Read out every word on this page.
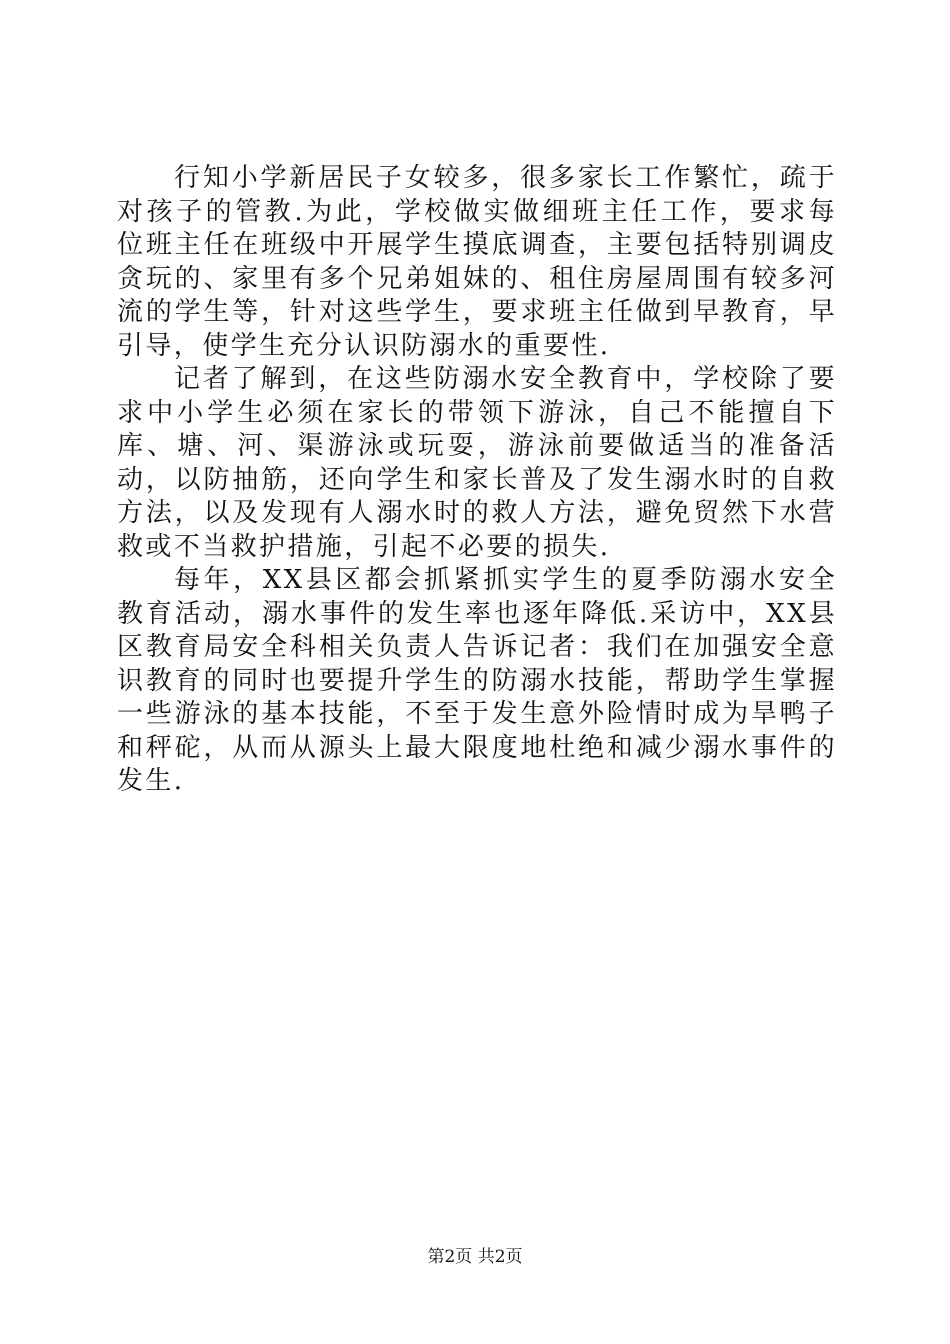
行知小学新居民子女较多，很多家长工作繁忙，疏于对孩子的管教.为此，学校做实做细班主任工作，要求每位班主任在班级中开展学生摸底调查，主要包括特别调皮贪玩的、家里有多个兄弟姐妹的、租住房屋周围有较多河流的学生等，针对这些学生，要求班主任做到早教育，早引导，使学生充分认识防溺水的重要性.

记者了解到，在这些防溺水安全教育中，学校除了要求中小学生必须在家长的带领下游泳，自己不能擅自下库、塘、河、渠游泳或玩耍，游泳前要做适当的准备活动，以防抽筋，还向学生和家长普及了发生溺水时的自救方法，以及发现有人溺水时的救人方法，避免贸然下水营救或不当救护措施，引起不必要的损失.

每年，XX县区都会抓紧抓实学生的夏季防溺水安全教育活动，溺水事件的发生率也逐年降低.采访中，XX县区教育局安全科相关负责人告诉记者：我们在加强安全意识教育的同时也要提升学生的防溺水技能，帮助学生掌握一些游泳的基本技能，不至于发生意外险情时成为旱鸭子和秤砣，从而从源头上最大限度地杜绝和减少溺水事件的发生.

第2页 共2页
